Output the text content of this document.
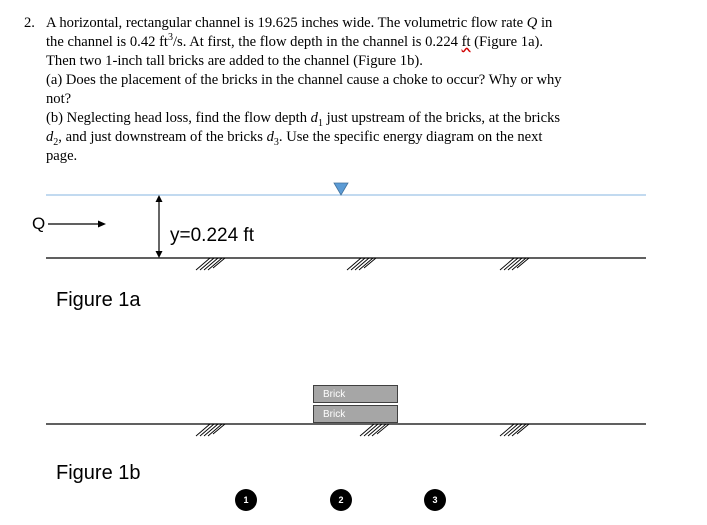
2. A horizontal, rectangular channel is 19.625 inches wide. The volumetric flow rate Q in
the channel is 0.42 $ft^3/s$. At first, the flow depth in the channel is 0.224 ft (Figure 1a).
Then two 1-inch tall bricks are added to the channel (Figure 1b).
(a) Does the placement of the bricks in the channel cause a choke to occur? Why or why
not?
(b) Neglecting head loss, find the flow depth $d_1$ just upstream of the bricks, at the bricks
$d_2$, and just downstream of the bricks $d_3$. Use the specific energy diagram on the next
page.
Q
y=0.224 ft
Figure 1a
Brick
Brick
Figure 1b
1	2	3
